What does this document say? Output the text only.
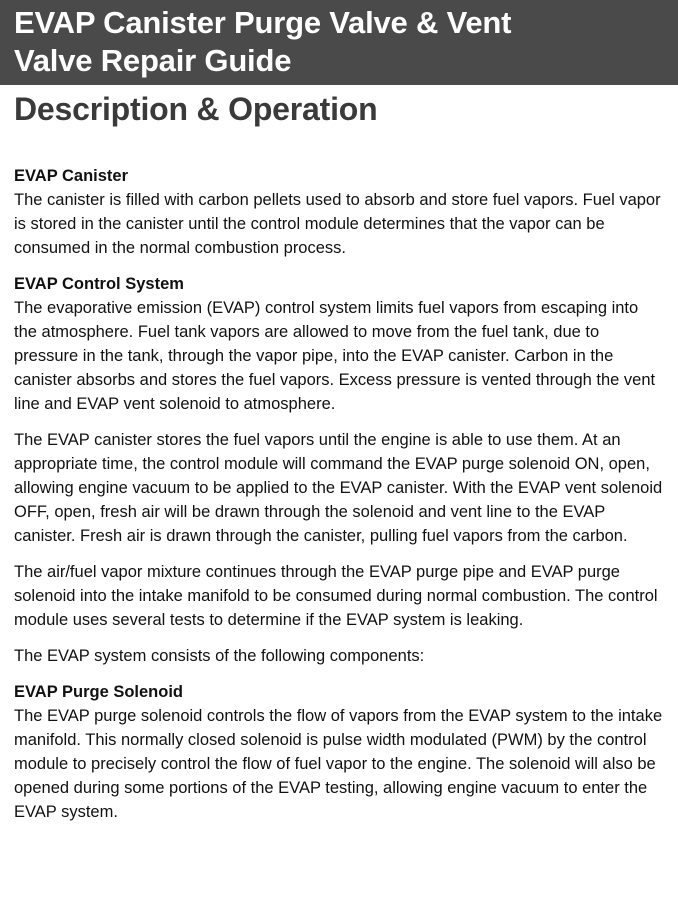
EVAP Canister Purge Valve & Vent
Valve Repair Guide
Description & Operation
EVAP Canister
The canister is filled with carbon pellets used to absorb and store fuel vapors. Fuel vapor is stored in the canister until the control module determines that the vapor can be consumed in the normal combustion process.
EVAP Control System
The evaporative emission (EVAP) control system limits fuel vapors from escaping into the atmosphere. Fuel tank vapors are allowed to move from the fuel tank, due to pressure in the tank, through the vapor pipe, into the EVAP canister. Carbon in the canister absorbs and stores the fuel vapors. Excess pressure is vented through the vent line and EVAP vent solenoid to atmosphere.

The EVAP canister stores the fuel vapors until the engine is able to use them. At an appropriate time, the control module will command the EVAP purge solenoid ON, open, allowing engine vacuum to be applied to the EVAP canister. With the EVAP vent solenoid OFF, open, fresh air will be drawn through the solenoid and vent line to the EVAP canister. Fresh air is drawn through the canister, pulling fuel vapors from the carbon.

The air/fuel vapor mixture continues through the EVAP purge pipe and EVAP purge solenoid into the intake manifold to be consumed during normal combustion. The control module uses several tests to determine if the EVAP system is leaking.

The EVAP system consists of the following components:

EVAP Purge Solenoid
The EVAP purge solenoid controls the flow of vapors from the EVAP system to the intake manifold. This normally closed solenoid is pulse width modulated (PWM) by the control module to precisely control the flow of fuel vapor to the engine. The solenoid will also be opened during some portions of the EVAP testing, allowing engine vacuum to enter the EVAP system.
